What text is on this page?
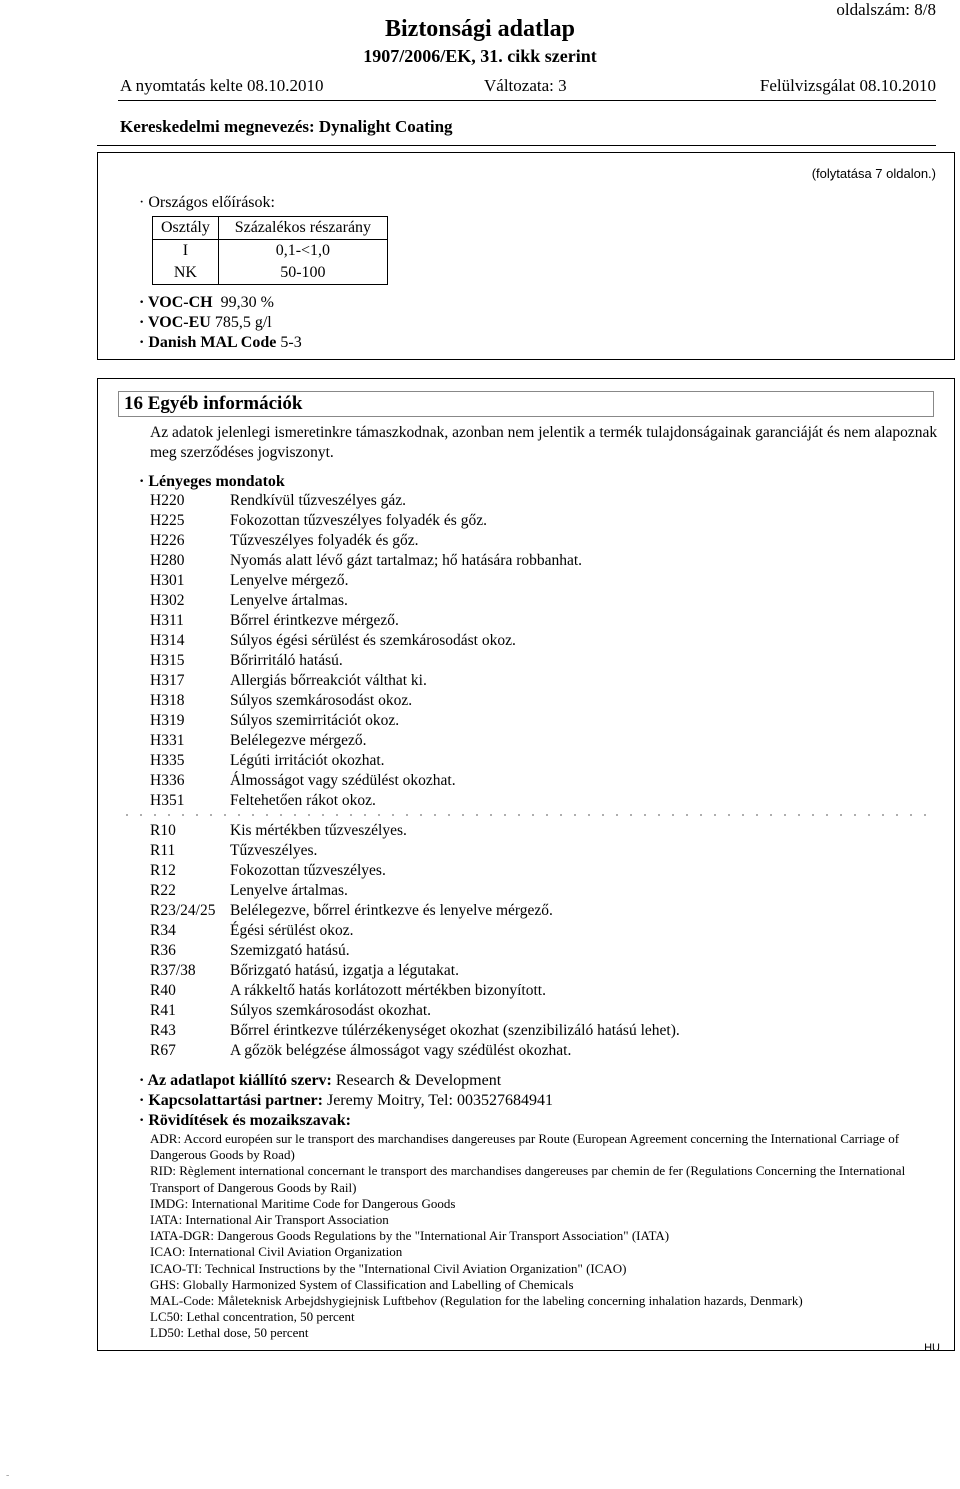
oldalszám: 8/8
Biztonsági adatlap
1907/2006/EK, 31. cikk szerint
A nyomtatás kelte 08.10.2010	Változata: 3	Felülvizsgálat 08.10.2010
Kereskedelmi megnevezés: Dynalight Coating
(folytatása 7 oldalon.)
· Országos előírások:
Osztály	Százalékos részarány
I	0,1-<1,0
NK	50-100
· VOC-CH 99,30 %
· VOC-EU 785,5 g/l
· Danish MAL Code 5-3
16 Egyéb információk
Az adatok jelenlegi ismeretinkre támaszkodnak, azonban nem jelentik a termék tulajdonságainak garanciáját és nem alapoznak meg szerződéses jogviszonyt.
· Lényeges mondatok
H220	Rendkívül tűzveszélyes gáz.
H225	Fokozottan tűzveszélyes folyadék és gőz.
H226	Tűzveszélyes folyadék és gőz.
H280	Nyomás alatt lévő gázt tartalmaz; hő hatására robbanhat.
H301	Lenyelve mérgező.
H302	Lenyelve ártalmas.
H311	Bőrrel érintkezve mérgező.
H314	Súlyos égési sérülést és szemkárosodást okoz.
H315	Bőrirritáló hatású.
H317	Allergiás bőrreakciót válthat ki.
H318	Súlyos szemkárosodást okoz.
H319	Súlyos szemirritációt okoz.
H331	Belélegezve mérgező.
H335	Légúti irritációt okozhat.
H336	Álmosságot vagy szédülést okozhat.
H351	Feltehetően rákot okoz.
R10	Kis mértékben tűzveszélyes.
R11	Tűzveszélyes.
R12	Fokozottan tűzveszélyes.
R22	Lenyelve ártalmas.
R23/24/25 Belélegezve, bőrrel érintkezve és lenyelve mérgező.
R34	Égési sérülést okoz.
R36	Szemizgató hatású.
R37/38 Bőrizgató hatású, izgatja a légutakat.
R40	A rákkeltő hatás korlátozott mértékben bizonyított.
R41	Súlyos szemkárosodást okozhat.
R43	Bőrrel érintkezve túlérzékenységet okozhat (szenzibilizáló hatású lehet).
R67	A gőzök belégzése álmosságot vagy szédülést okozhat.
· Az adatlapot kiállító szerv: Research & Development
· Kapcsolattartási partner: Jeremy Moitry, Tel: 003527684941
· Rövidítések és mozaikszavak:

ADR: Accord européen sur le transport des marchandises dangereuses par Route (European Agreement concerning the International Carriage of Dangerous Goods by Road)

RID: Règlement international concernant le transport des marchandises dangereuses par chemin de fer (Regulations Concerning the International Transport of Dangerous Goods by Rail)

IMDG: International Maritime Code for Dangerous Goods

IATA: International Air Transport Association

IATA-DGR: Dangerous Goods Regulations by the "International Air Transport Association" (IATA)

ICAO: International Civil Aviation Organization

ICAO-TI: Technical Instructions by the "International Civil Aviation Organization" (ICAO)

GHS: Globally Harmonized System of Classification and Labelling of Chemicals

MAL-Code: Måleteknisk Arbejdshygiejnisk Luftbehov (Regulation for the labeling concerning inhalation hazards, Denmark)

LC50: Lethal concentration, 50 percent

LD50: Lethal dose, 50 percent

HU
-
